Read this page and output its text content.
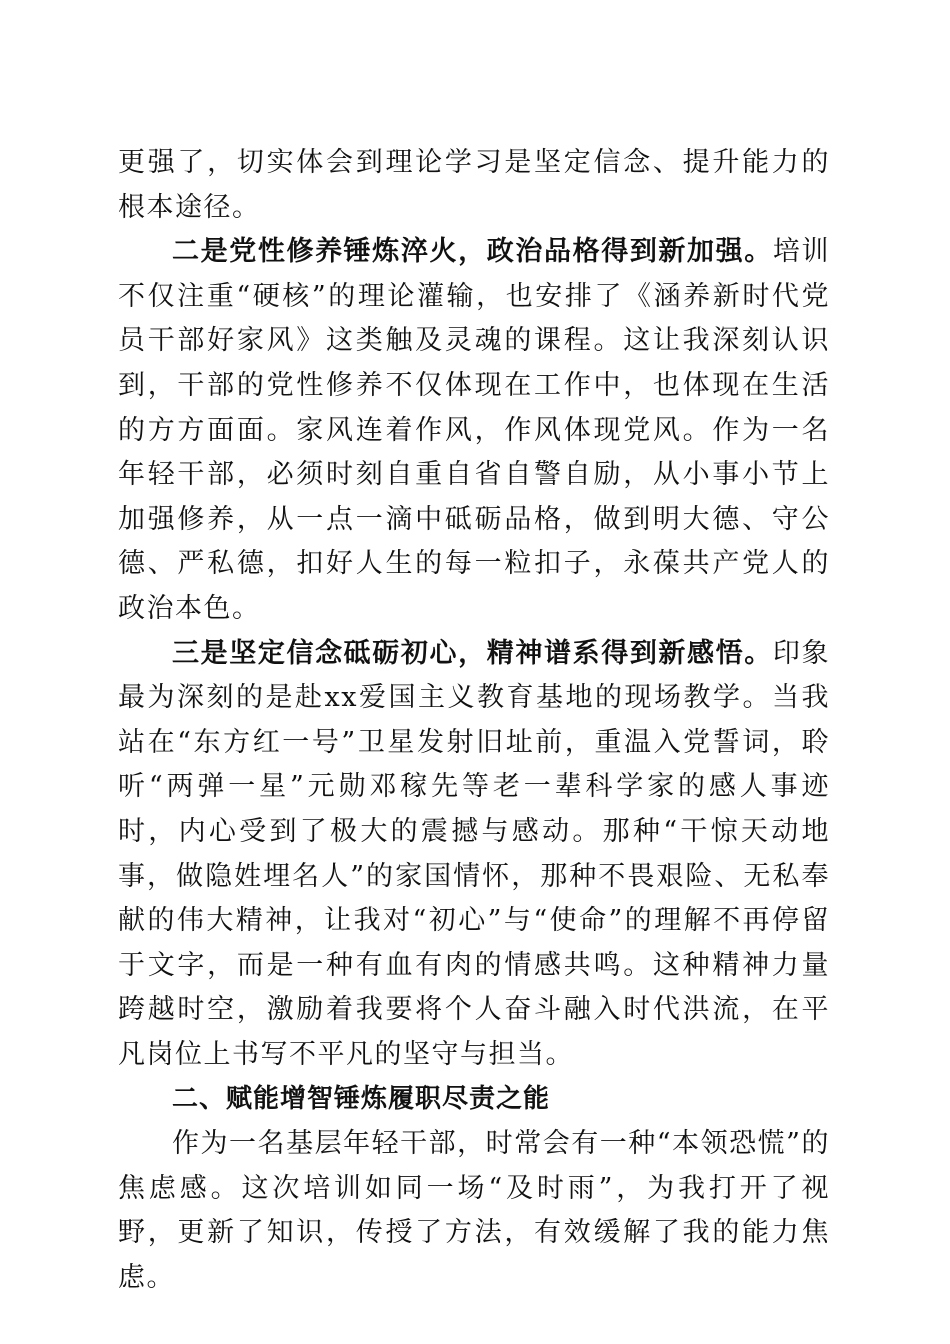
更强了，切实体会到理论学习是坚定信念、提升能力的根本途径。

二是党性修养锤炼淬火，政治品格得到新加强。培训不仅注重“硬核”的理论灌输，也安排了《涵养新时代党员干部好家风》这类触及灵魂的课程。这让我深刻认识到，干部的党性修养不仅体现在工作中，也体现在生活的方方面面。家风连着作风，作风体现党风。作为一名年轻干部，必须时刻自重自省自警自励，从小事小节上加强修养，从一点一滴中砥砺品格，做到明大德、守公德、严私德，扣好人生的每一粒扣子，永葆共产党人的政治本色。

三是坚定信念砥砺初心，精神谱系得到新感悟。印象最为深刻的是赴xx爱国主义教育基地的现场教学。当我站在“东方红一号”卫星发射旧址前，重温入党誓词，聆听“两弹一星”元勋邓稼先等老一辈科学家的感人事迹时，内心受到了极大的震撼与感动。那种“干惊天动地事，做隐姓埋名人”的家国情怀，那种不畏艰险、无私奉献的伟大精神，让我对“初心”与“使命”的理解不再停留于文字，而是一种有血有肉的情感共鸣。这种精神力量跨越时空，激励着我要将个人奋斗融入时代洪流，在平凡岗位上书写不平凡的坚守与担当。

二、赋能增智锤炼履职尽责之能

作为一名基层年轻干部，时常会有一种“本领恐慌”的焦虑感。这次培训如同一场“及时雨”，为我打开了视野，更新了知识，传授了方法，有效缓解了我的能力焦虑。
